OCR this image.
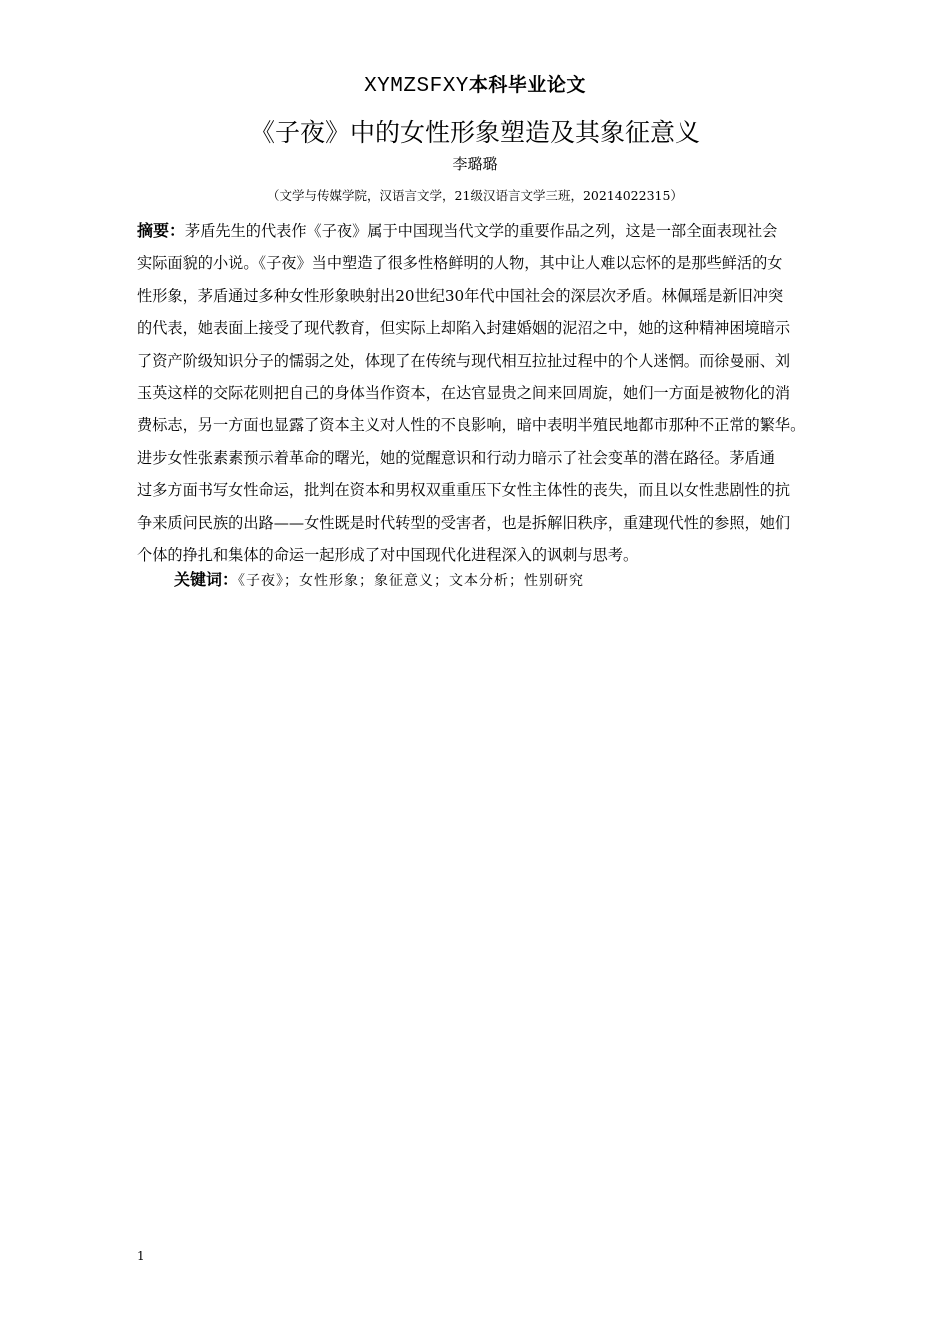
XYMZSFXY本科毕业论文
《子夜》中的女性形象塑造及其象征意义
李璐璐
（文学与传媒学院，汉语言文学，21级汉语言文学三班，20214022315）
摘要：茅盾先生的代表作《子夜》属于中国现当代文学的重要作品之列，这是一部全面表现社会
实际面貌的小说。《子夜》当中塑造了很多性格鲜明的人物，其中让人难以忘怀的是那些鲜活的女
性形象，茅盾通过多种女性形象映射出20世纪30年代中国社会的深层次矛盾。林佩瑶是新旧冲突
的代表，她表面上接受了现代教育，但实际上却陷入封建婚姻的泥沼之中，她的这种精神困境暗示
了资产阶级知识分子的懦弱之处，体现了在传统与现代相互拉扯过程中的个人迷惘。而徐曼丽、刘
玉英这样的交际花则把自己的身体当作资本，在达官显贵之间来回周旋，她们一方面是被物化的消
费标志，另一方面也显露了资本主义对人性的不良影响，暗中表明半殖民地都市那种不正常的繁华。
进步女性张素素预示着革命的曙光，她的觉醒意识和行动力暗示了社会变革的潜在路径。茅盾通
过多方面书写女性命运，批判在资本和男权双重重压下女性主体性的丧失，而且以女性悲剧性的抗
争来质问民族的出路——女性既是时代转型的受害者，也是拆解旧秩序，重建现代性的参照，她们
个体的挣扎和集体的命运一起形成了对中国现代化进程深入的讽刺与思考。
关键词：《子夜》；女性形象；象征意义；文本分析；性别研究
1
